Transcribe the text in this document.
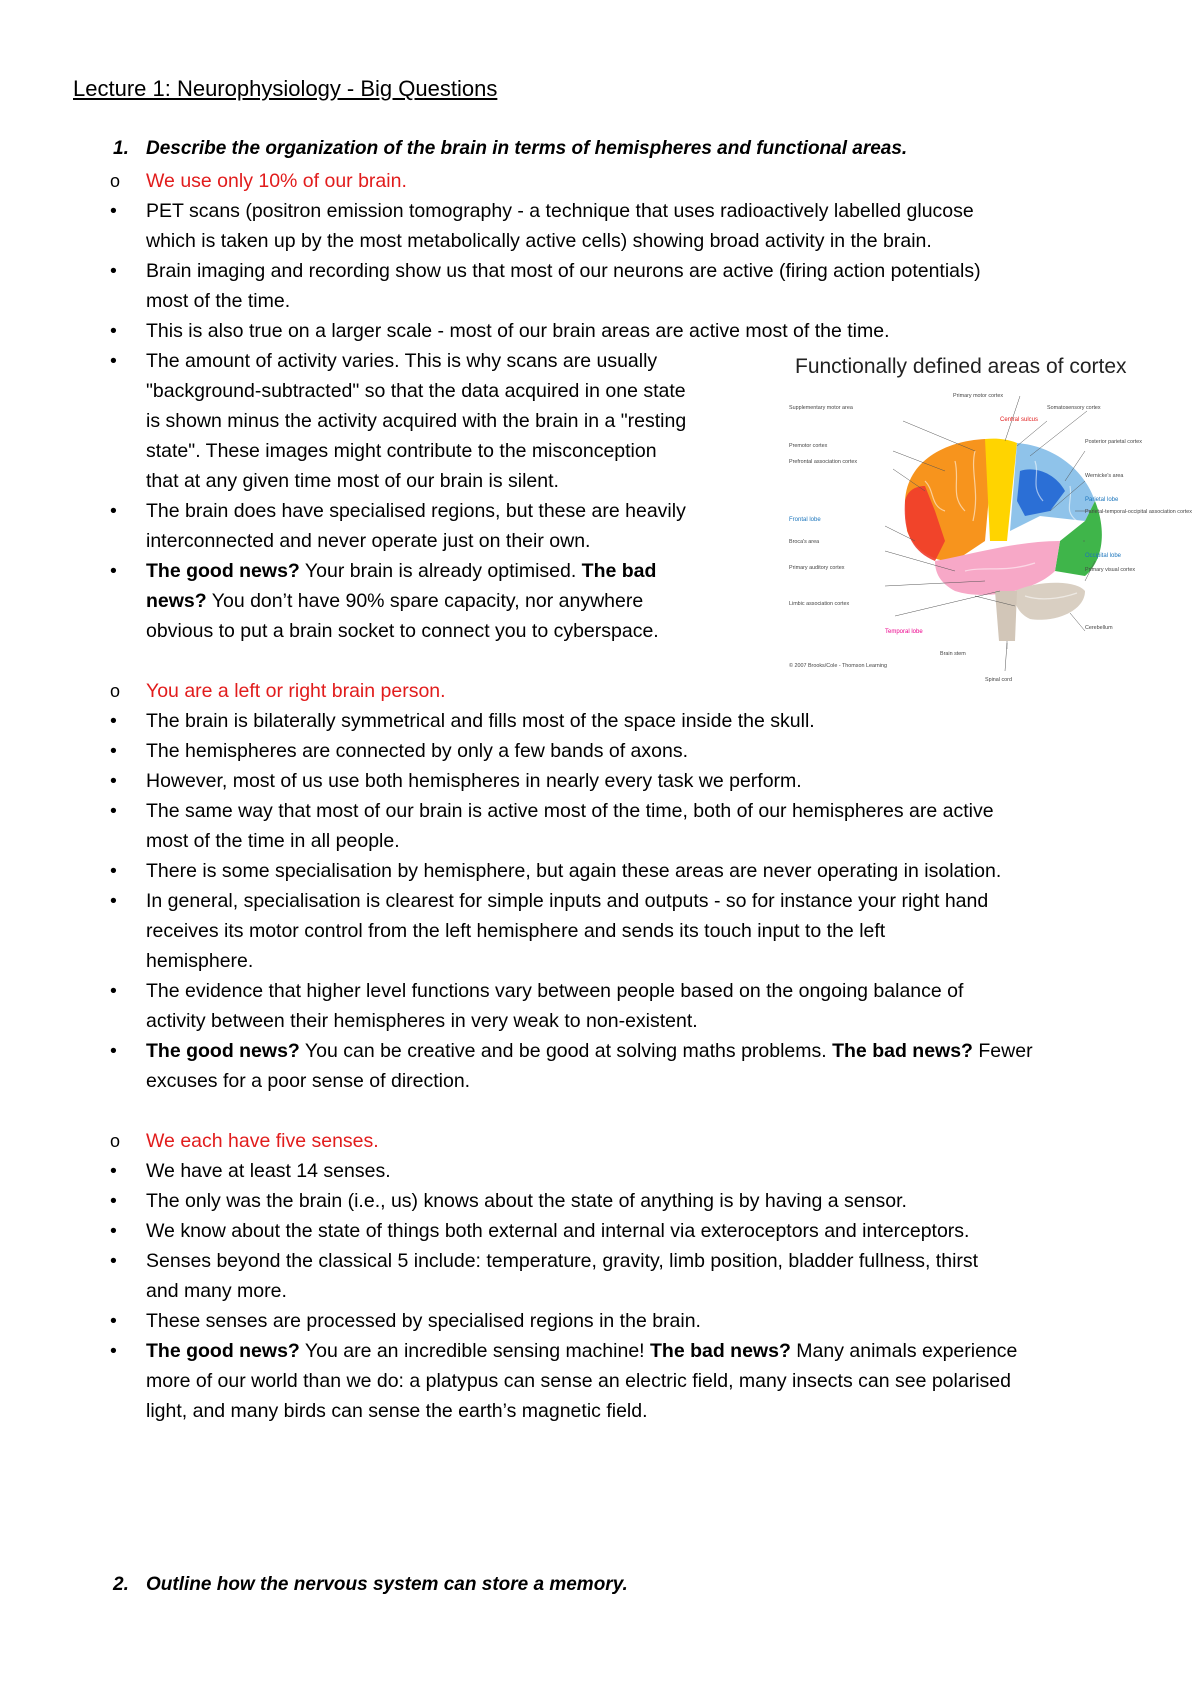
Lecture 1: Neurophysiology - Big Questions
1. Describe the organization of the brain in terms of hemispheres and functional areas.
o	We use only 10% of our brain.
•	PET scans (positron emission tomography - a technique that uses radioactively labelled glucose
which is taken up by the most metabolically active cells) showing broad activity in the brain.
•	Brain imaging and recording show us that most of our neurons are active (firing action potentials)
most of the time.
•	This is also true on a larger scale - most of our brain areas are active most of the time.
•	The amount of activity varies. This is why scans are usually
"background-subtracted" so that the data acquired in one state
is shown minus the activity acquired with the brain in a "resting
state". These images might contribute to the misconception
that at any given time most of our brain is silent.
•	The brain does have specialised regions, but these are heavily
interconnected and never operate just on their own.
•	The good news? Your brain is already optimised. The bad
news? You don’t have 90% spare capacity, nor anywhere
obvious to put a brain socket to connect you to cyberspace.
o	You are a left or right brain person.
•	The brain is bilaterally symmetrical and fills most of the space inside the skull.
•	The hemispheres are connected by only a few bands of axons.
•	However, most of us use both hemispheres in nearly every task we perform.
•	The same way that most of our brain is active most of the time, both of our hemispheres are active
most of the time in all people.
•	There is some specialisation by hemisphere, but again these areas are never operating in isolation.
•	In general, specialisation is clearest for simple inputs and outputs - so for instance your right hand
receives its motor control from the left hemisphere and sends its touch input to the left
hemisphere.
•	The evidence that higher level functions vary between people based on the ongoing balance of
activity between their hemispheres in very weak to non-existent.
•	The good news? You can be creative and be good at solving maths problems. The bad news? Fewer
excuses for a poor sense of direction.
o	We each have five senses.
•	We have at least 14 senses.
•	The only was the brain (i.e., us) knows about the state of anything is by having a sensor.
•	We know about the state of things both external and internal via exteroceptors and interceptors.
•	Senses beyond the classical 5 include: temperature, gravity, limb position, bladder fullness, thirst
and many more.
•	These senses are processed by specialised regions in the brain.
•	The good news? You are an incredible sensing machine! The bad news? Many animals experience
more of our world than we do: a platypus can sense an electric field, many insects can see polarised
light, and many birds can sense the earth’s magnetic field.
2. Outline how the nervous system can store a memory.
Functionally defined areas of cortex
Supplementary motor area
Premotor cortex
Prefrontal association cortex
Frontal lobe
Broca's area
Primary auditory cortex
Limbic association cortex
Temporal lobe
Brain stem
Spinal cord
Primary motor cortex
Central sulcus
Somatosensory cortex
Posterior parietal cortex
Wernicke's area
Parietal lobe
Parietal-temporal-occipital association cortex
Occipital lobe
Primary visual cortex
Cerebellum
© 2007 Brooks/Cole - Thomson Learning
